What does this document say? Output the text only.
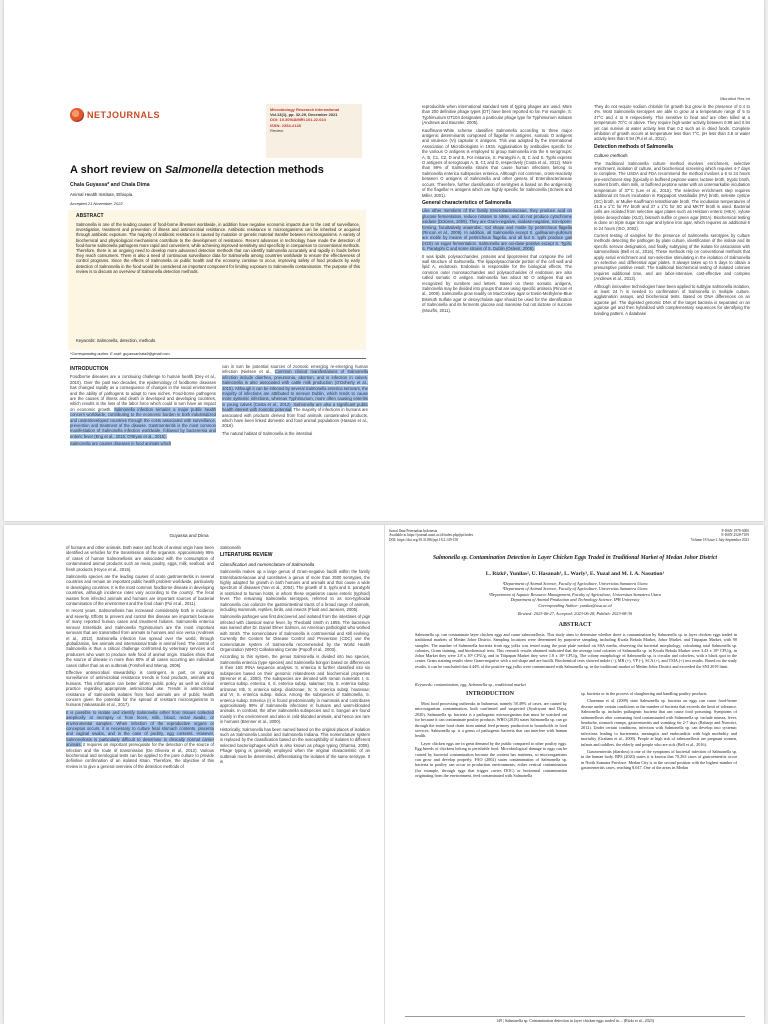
Microbiol Res Int
NETJOURNALS
Microbiology Research International
Vol.13(1), pp. 32-29, December 2021
DOI: 10.30918/MRI.101.22.024
ISSN: 2354-2128
Review
A short review on Salmonella detection methods
Chala Guyassa* and Chala Dima
Animal Health Institute, Ethiopia.
Accepted 21 November, 2022
ABSTRACT
Salmonella is one of the leading causes of food-borne illnesses worldwide, in addition have negative economic impacts due to the cost of surveillance, investigation, treatment and prevention of illness and antimicrobial resistance. Antibiotic resistance in microorganisms can be inherited or acquired through antibiotic exposure. The majority of antibiotic resistance is caused by mutation or genetic material transfer between microorganisms. A variety of biochemical and physiological mechanisms contribute to the development of resistance. Recent advances in technology have made the detection of food-borne salmonella pathogens more rapid and convenient, while achieving improved sensitivity and specificity in comparison to conventional methods. Therefore, there is an ongoing need to develop more advanced detection methods that can identify Salmonella accurately and rapidly in foods before they reach consumers. There is also a need of continuous surveillance data for Salmonella among countries worldwide to ensure the effectiveness of control programs. Since the effects of Salmonella on public health and the economy continue to occur, improving safety of food products by early detection of Salmonella in the food would be considered an important component for limiting exposure to Salmonella contamination. The purpose of this review is to discuss an overview of Salmonella detection methods.
Keywords: Salmonella, detection, methods.
*Corresponding author. E-mail: guyassachala9@gmail.com.
INTRODUCTION

Foodborne diseases are a continuing challenge to human health (Dey et al., 2010). Over the past two decades, the epidemiology of foodborne diseases has changed rapidly as a consequence of changes in the social environment and the ability of pathogens to adapt to new niches. Food-borne pathogens are the causes of illness and death in developed and developing countries, which results in the loss of the labor force which could in turn have an impact on economic growth. Salmonella infection remains a major public health concern worldwide, contributing to the economic burden in both industrialized and underdeveloped countries through the costs associated with surveillance, prevention and treatment of the disease. Gastroenteritis is the most common manifestation of Salmonella infection worldwide, followed by bacteremia and enteric fever (Eng et al., 2015; O'Bryan et al., 2016).

Salmonella are causes diseases in food animals which

can in turn be potential sources of zoonotic emerging re-emerging human infection (Nielsen et al., Common clinical manifestations of Salmonella infection include diarrhea, pneumonia, abortion, and is infection in calves. Salmonella is also associated with cattle milk production (O'Doherty et al., 2015). Although it can be infected by several Salmonella enterica serovars, the majority of infections are attributed to serovar Dublin, which tends to cause more systemic infections, whereas Typhimurium, more often causing enteritis in young calves (Costa et al., 2012). Salmonella are also a significant public health interest with zoonotic potential. The majority of infections in humans are associated with products derived from food animals contaminated products, which have been linked domestic and food animal populations (Hassan et al., 2016).

The natural habitat of Salmonella is the intestinal

reproducible when international standard sets of typing phages are used. More than 200 definitive phage types (DT) have been reported so far. For example, S. Typhimurium DT104 designates a particular phage type for Typhimurium isolates (Andrews and Baumler, 2005).

Kauffmann-White scheme classifies Salmonella according to three major antigenic determinants composed of flagellar H antigens, somatic O antigens and virulence (Vi) capsular K antigens. This was adopted by the International Association of Microbiologists in 1934. Agglutination by antibodies specific for the various O antigens is employed to group Salmonella into the 6 serogroups: A, B, C1, C2, D and E. For instance, S. Paratyphi A, B, C and S. Typhi express O antigens of serogroups A, B, C1 and D, respectively (Costa et al., 2012). More than 99% of Salmonella strains that cause human infections belong to Salmonella enterica subspecies enterica. Although not common, cross-reactivity between O antigens of Salmonella and other genera of Enterobacteriaceae occurs. Therefore, further classification of serotypes is based on the antigenicity of the flagellar H antigens which are highly specific for Salmonella (Schenk and Miller, 2001).

General characteristics of Salmonella

Like other members of the family Enterobacteriaceae, they produce acid on glucose fermentation, reduce nitrates to nitrite, and do not produce cytochrome oxidase (Dolores, 2009). They are Gram-negative, oxidase-negative, non-spore-forming, facultatively anaerobic, rod shape and motile by peritrichous flagella (Rincon et al., 2009). In addition, all Salmonella except S. gallinarum-pullorum are motile by means of peritrichous flagella, and all but S. typhi produce gas (H2S) on sugar fermentation. Salmonella are oxi-dase-positive except S. Typhi, S. Paratyphi C and some strains of S. Dublin (Oslenit, 2006).

It was lipids, polysaccharides, proteins and lipoproteins that compose the cell wall structure of Salmonella. The lipopolysaccharide portion of the cell wall and lipid A, endotoxin. Endotoxin is responsible for the biological effects. The common outer monosaccharides and polysaccharides of endotoxin are also called somatic O antigen. Salmonella has about 60 O antigens that are recognized by numbers and letters. Based on these somatic antigens, Salmonella may be divided into groups that are using specific antisera (Rincon et al., 2009). Salmonella grow readily on MacConkey agar or Eosin-Methylene-Blue Bismuth Sulfate agar or deoxycholate agar should be used for the identification of Salmonella and its ferments glucose and mannose but not lactose or sucrose (Mourfis, 2011).

They do not require sodium chloride for growth but grow in the presence of 0.4 to 4%. Most Salmonella serotypes are able to grow at a temperature range of 5 to 47°C and 4 to 9 respectively. This sensitive to heat and are often killed at a temperature 70°C or above. They require high water activity between 0.99 and 0.94 yet can survive at water activity less than 0.2 such as in dried foods. Complete inhibition of growth occurs at temperature less than 7°C, pH less than 3.8 or water activity less than 0.94 (Pui et al., 2011).

Detection methods of Salmonella
Culture methods

The traditional Salmonella culture method involves enrichment, selective enrichment, isolation of culture, and biochemical screening which requires 4-7 days to complete. The USDA and FDA recommend the method involves a 6 to 24 hours pre-enrichment step (typically in buffered peptone water, lactose broth, tryptic broth, nutrient broth, skim milk, or buffered peptone water with an unremarkable incubation temperature of 37°C (Lee et al., 2015). The selective enrichment step requires additional 24 hours incubation in Rappaport Vassiliadis (RV) broth, selenite cystine (SC) broth, or Muller-Kauffmann tetrathionate broth. The incubation temperatures of 41.5 ± 1°C for RV broth and 37 ± 1°C for SC and MKTT broth is used. Bacterial cells are isolated from selective agar plates such as Hektoen enteric (HEA), xylose lysine deoxycholate (XLD), bismuth sulfite or green agar (BGA). Biochemical testing is done on triple sugar iron agar and lysine iron agar, which requires an additional 6 to 24 hours (ISO, 2002).

Current testing of samples for the presence of Salmonella serotypes by culture methods detecting the pathogen by plate culture, identification of the isolate and its specific serovar designation, and finally, subtyping of the isolate for association with salmonellosis (Bell et al., 2016). These methods rely on conventional methods that apply serial enrichment and non-selective stimulating in the isolation of Salmonella on selective and differential agar plates. It always takes up to 5 days to obtain a presumptive positive result. The traditional biochemical testing of isolated colonies requires additional time, and are labor-intensive, cost-effective and complex (Andrews et al., 2013).

Although innovative technologies have been applied to subtype salmonella isolation, at least 24 h is needed to confirmation of Salmonella in multiple culture, agglutination assays, and biochemical tests. Based on DNA differences on an agarose gel. The digested genomic DNA of the target bacteria is separated on an agarose gel and then hybridized with complementary sequences for identifying the banding pattern. A database

Guyassa and Dima

of humans and other animals. Both water and foods of animal origin have been identified as vehicles for the transmission of the organism. Approximately 95% of cases of human Salmonellosis are associated with the consumption of contaminated animal products such as meat, poultry, eggs, milk, seafood, and fresh products (Hoyce et al., 2016).

Salmonella species are the leading causes of acute gastroenteritis in several countries and remain an important public health problem worldwide, particularly in developing countries. It is the most common foodborne disease in developing countries, although incidence rates vary according to the country. The fecal wastes from infected animals and humans are important sources of bacterial contamination of the environment and the food chain (Pui et al., 2011).

In recent years, Salmonellosis has increased considerably both in incidence and severity. Efforts to prevent and control this disease are important because of many reported human cases and treatment failures. Salmonella enterica serovar Enteritidis and Salmonella Typhimurium are the most important serovars that are transmitted from animals to humans and vice versa (Andrews et al., 2013). Salmonella infection has spread over the world, through globalization, live animals and international trade in animal feed. The control of Salmonella is thus a critical challenge confronted by veterinary services and producers who want to produce safe food of animal origin. Studies show that the source of disease in more than 80% of all cases occurring are individual cases rather than as an outbreak (Forshell and Wierup, 2006).

Effective antimicrobial stewardship is contingent, in part, on ongoing surveillance of antimicrobial resistance trends in food products, animals and humans. This information can better inform public policy as well as clinical practice regarding appropriate antimicrobial use. Trends in antimicrobial resistance of Salmonella isolates from food animals are of public health concern given the potential for the spread of resistant microorganisms to humans (Vakassoulis et al., 2017).

It is possible to isolate and identify Salmonella either from tissues collected aseptically at necropsy or from feces, milk, blood, rectal swabs, or environmental samples. When infection of the reproductive organs or conceptus occurs, it is necessary to culture fetal stomach contents, placenta and vaginal swabs, and in the case of poultry, egg contents. However, Salmonellosis is particularly difficult to determine in clinically normal carrier animals. It requires an important prerequisite for the detection of the source of infection and the route of transmission (De Oliveira et al., 2012). Various biochemical and serological tests can be applied to the pure culture to provide definitive confirmation of an isolated strain. Therefore, the objective of this review is to give a general overview of the detection methods of

Salmonella

LITERATURE REVIEW
Classification and nomenclature of Salmonella

Salmonella makes up a large genus of Gram-negative bacilli within the family Enterobacteriaceae and constitutes a genus of more than 2500 serotypes, the highly adapted for growth in both humans and animals and that cause a wide spectrum of diseases (Yan et al., 2004). The growth of S. typhi and S. paratyphi is restricted to human hosts, in whom these organisms cause enteric (typhoid) fever. The remaining Salmonella serotypes, referred to as non-typhoidal Salmonella can colonize the gastrointestinal tracts of a broad range of animals, including mammals, reptiles, birds, and insects (Fluoit and Jansens, 2005).

Salmonella pathogen was first discovered and isolated from the intestines of pigs infected with classical swine fever, by Theobald Smith in 1855. The bacterium was named after Dr. Daniel Elmer Salmon, an American pathologist who worked with Smith. The nomenclature of Salmonella is controversial and still evolving. Currently the Centers for Disease Control and Prevention (CDC) use the nomenclature system of Salmonella recommended by the World Health Organization (WHO) Collaborating Centre (Popoff et al., 2003).

According to this system, the genus Salmonella is divided into two species, Salmonella enterica (type species) and Salmonella bongori based on differences in their 16S rRNA sequence analysis. S. enterica is further classified into six subspecies based on their genomic relatedness and biochemical properties (Brenner et al., 2000). The subspecies are denoted with roman numerals: I, S. enterica subsp. enterica; II, S. enterica subsp. salamae; IIIa, S. enterica subsp. arizonae; IIIb, S. enterica subsp. diarizonae; IV, S. enterica subsp. houtenae; and VI, S. enterica subsp. indica. Among the subspecies of Salmonella, S. enterica subsp. Enterica (I) is found predominantly in mammals and contributes approximately 99% of Salmonella infections in humans and warm-blooded animals. In contrast, the other Salmonella subspecies and S. bongori are found mainly in the environment and also in cold-blooded animals, and hence are rare in humans (Brenner et al., 2000).

Historically, Salmonella has been named based on the original places of isolation such as Salmonella London and Salmonella Indiana. This nomenclature system is replaced by the classification based on the susceptibility of isolates to different selected bacteriophages which is also known as phage typing (Sharma, 2008). Phage typing is generally employed when the original characteristic of an outbreak must be determined, differentiating the isolates of the same serotype. It is

Jurnal Ilmu Peternakan Indonesia
Available at https://journal.unsri.ac.id/index.php/jipi/index
DOI: https://doi.org/10.31186/jspi.18.2.149-158
P-ISSN 1978-3000
E-ISSN 2528-7109
Volume 18 Issue 2 July-September 2023
Salmonella sp. Contamination Detection in Layer Chicken Eggs Traded in Traditional Market of Medan Johor District
L. Rizki¹, Yunilas², U. Hasanah³, L. Warly³, E. Yuzal and M. I. A. Nasution¹
¹Department of Animal Science, Faculty of Agriculture, Universitas Sumatera Utara
²Department of Animal Science, Faculty of Agriculture, Universitas Sumatera Utara
³Department of Aquatic Resource Management, Faculty of Agriculture, Universitas Sumatera Utara
Department of Animal Production and Technology Science, IPB University
Corresponding Author: yunilas@usu.ac.id
Revised: 2023-06-27, Accepted: 2023-06-28, Publish: 2023-08-30
ABSTRACT
Salmonella sp. can contaminate layer chicken eggs and cause salmonellosis. This study aims to determine whether there is contamination by Salmonella sp. in layer chicken eggs traded in traditional markets of Medan Johor District. Sampling locations were determined by purposive sampling, including Kwala Bekala Market, Johor Market, and Titipapan Market, with 90 samples. The number of Salmonella bacteria from egg yolks was tested using the pour plate method on SSA media, observing the bacterial morphology, calculating total Salmonella sp. colonies, Gram staining, and biochemical tests. This research results obtained indicated that the average total colonies of Salmonella sp. in Kwala Bekala Market were 3.43 x 10⁶ CFU/g, in Johor Market they were 2.8 x 10⁶ CFU/g, and in Titipapan Market they were 1.8 x 10⁶ CFU/g. The colony morphology of Salmonella sp. is circular and colorless, with a black spot in the center. Gram staining results show Gram-negative with a rod shape and are bacilli. Biochemical tests showed indole (-), MR (+), VP (-), SCA (+), and TSIA (+) test results. Based on the study results, it can be concluded that 4.44% of the positive egg yolks were contaminated with Salmonella sp. in the traditional market of Medan Johor District and exceeded the SNI 2019 limit.
Keywords: contamination, egg, Salmonella sp., traditional market
INTRODUCTION

Most food processing outbreaks in Indonesia, namely 58.49% of cases, are caused by microorganism contamination, both confirmed and suspected (Syafriyani and Daya, 2020). Salmonella sp. bacteria is a pathogenic microorganism that must be watched out for because it can contaminate poultry products. WHO (2018) states Salmonella sp. can go through the entire food chain from animal feed primary production to households or food services. Salmonella sp. is a genus of pathogenic bacteria that can interfere with human health.

Layer chicken eggs are in great demand by the public compared to other poultry eggs. Egg breeds of chickens belong to perishable food. Microbiological damage to eggs can be caused by bacterial contamination because the content has nutrients, so microorganisms can grow and develop properly. FAO (2002) states contamination of Salmonella sp. bacteria in poultry can occur in production environments, either vertical contamination (for example, through eggs that trigger cavies DOC) or horizontal contamination originating from the environment, feed contaminated with Salmonella

sp. bacteria or in the process of slaughtering and handling poultry products.

Chaennan et al. (2009) state Salmonella sp. bacteria on eggs can cause food-borne disease under certain conditions or the number of bacteria that exceeds the limit of tolerance. Salmonella sp. includes pathogenic bacteria that can cause food poisoning. Symptoms of salmonellosis after consuming food contaminated with Salmonella sp. include nausea, fever, headache, stomach cramps, gastroenteritis and vomiting for 2-7 days (Raharjo and Nurwitri, 2012). Under certain conditions, infection with Salmonella sp. can develop into systemic infections leading to bacteremia, meningitis and endocarditis with high morbidity and mortality (Graham et al., 2000). People at high risk of salmonellosis are pregnant women, infants and toddlers, the elderly and people who are sick (Bell et al., 2016).

Gastroenteritis (diarrhea) is one of the symptoms of bacterial infection of Salmonella sp. in the human body. BPS (2020) states it is known that 70,263 cases of gastroenteritis occur in North Sumatra Province. Medan City is in the second position with the highest number of gastroenteritis cases, reaching 8,047. One of the areas in Medan

149 | Salmonella sp. Contamination detection in layer chicken eggs traded in.... (Rizki et al., 2023)
